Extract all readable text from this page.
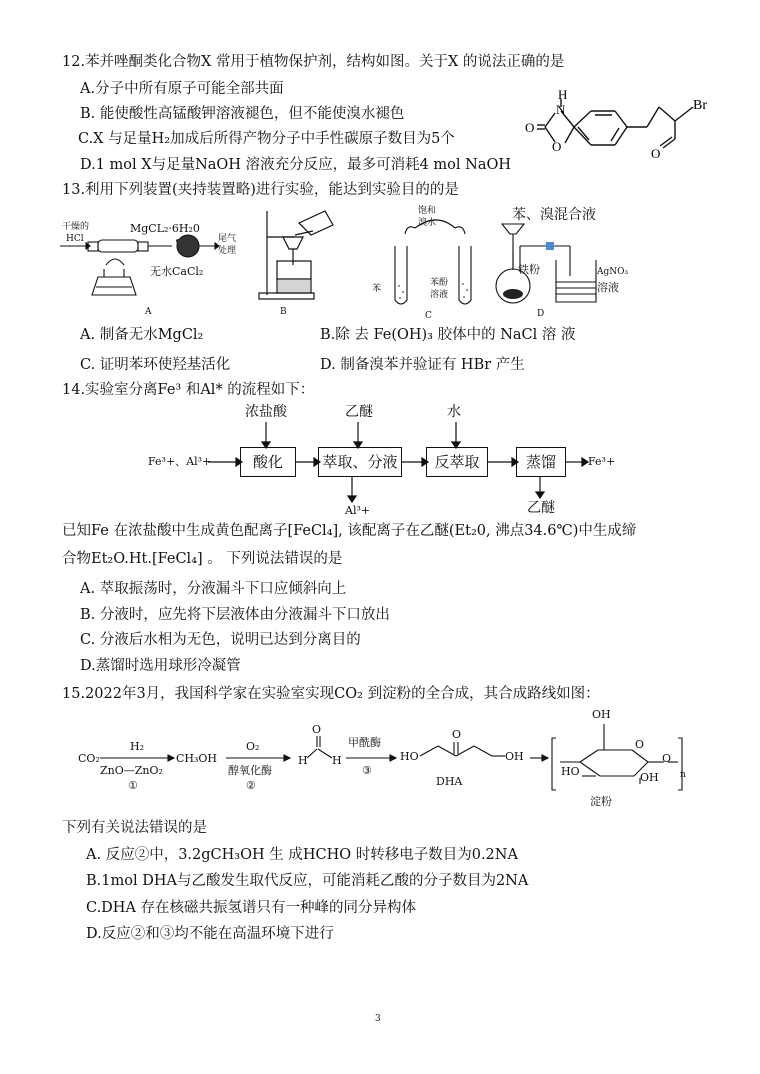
12.苯并唑酮类化合物X 常用于植物保护剂，结构如图。关于X 的说法正确的是
A.分子中所有原子可能全部共面
B. 能使酸性高锰酸钾溶液褪色，但不能使溴水褪色
C.X 与足量H₂加成后所得产物分子中手性碳原子数目为5个
D.1 mol X与足量NaOH 溶液充分反应，最多可消耗4 mol NaOH
H
N
O
O
Br
O
13.利用下列装置(夹持装置略)进行实验，能达到实验目的的是
干燥的
HCl
MgCL₂·6H₂0
尾气
处理
无水CaCl₂
A	B
饱和
溴水
苯
苯酚
溶液
C
苯、溴混合液
铁粉	AgNO₃
溶液
D
A. 制备无水MgCl₂	B.除 去 Fe(OH)₃ 胶体中的 NaCl 溶 液
C. 证明苯环使羟基活化	D. 制备溴苯并验证有 HBr 产生
14.实验室分离Fe³ 和Al* 的流程如下：
浓盐酸	乙醚	水
Fe³+、Al³+	酸化	萃取、分液	反萃取	蒸馏	Fe³+
Al³+	乙醚
已知Fe 在浓盐酸中生成黄色配离子[FeCl₄], 该配离子在乙醚(Et₂0, 沸点34.6℃)中生成缔
合物Et₂O.Ht.[FeCl₄] 。 下列说法错误的是
A. 萃取振荡时，分液漏斗下口应倾斜向上
B. 分液时，应先将下层液体由分液漏斗下口放出
C. 分液后水相为无色，说明已达到分离目的
D.蒸馏时选用球形冷凝管
15.2022年3月，我国科学家在实验室实现CO₂ 到淀粉的全合成，其合成路线如图：
CO₂
H₂
ZnO—ZnO₂
①
CH₃OH
O₂
醇氧化酶
②
O
H H
甲酰酶
③
HO
O
OH
DHA
OH
O
O
HO	OH n
淀粉
下列有关说法错误的是
A. 反应②中，3.2gCH₃OH 生 成HCHO 时转移电子数目为0.2NA
B.1mol DHA与乙酸发生取代反应，可能消耗乙酸的分子数目为2NA
C.DHA 存在核磁共振氢谱只有一种峰的同分异构体
D.反应②和③均不能在高温环境下进行
3
